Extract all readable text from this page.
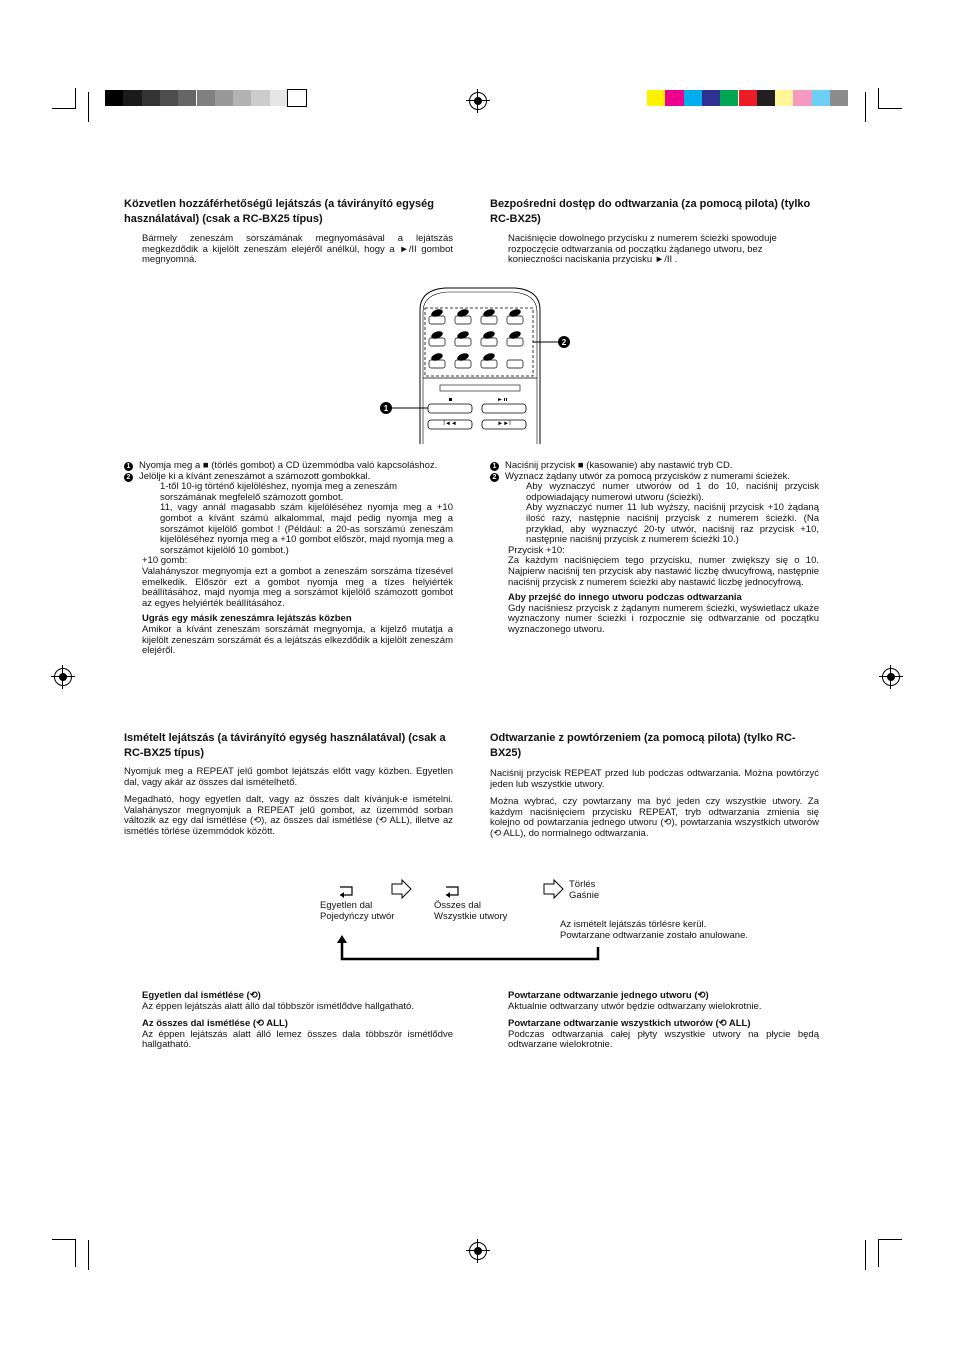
Közvetlen hozzáférhetőségű lejátszás (a távirányító egység használatával) (csak a RC-BX25 típus)
Bármely zeneszám sorszámának megnyomásával a lejátszás megkezdődik a kijelölt zeneszám elejéről anélkül, hogy a ►/II gombot megnyomná.
Bezpośredni dostęp do odtwarzania (za pomocą pilota) (tylko RC-BX25)
Naciśnięcie dowolnego przycisku z numerem ścieżki spowoduje rozpoczęcie odtwarzania od początku żądanego utworu, bez konieczności naciskania przycisku ►/II .
I◄◄	►►I
1
2

1 Nyomja meg a ■ (törlés gombot) a CD üzemmódba való kapcsoláshoz.

2 Jelölje ki a kívánt zeneszámot a számozott gombokkal.

1-től 10-ig történő kijelöléshez, nyomja meg a zeneszám sorszámának megfelelő számozott gombot.

11, vagy annál magasabb szám kijelöléséhez nyomja meg a +10 gombot a kívánt számú alkalommal, majd pedig nyomja meg a sorszámot kijelölő gombot ! (Például: a 20-as sorszámú zeneszám kijelöléséhez nyomja meg a +10 gombot először, majd nyomja meg a sorszámot kijelölő 10 gombot.)

+10 gomb:

Valahányszor megnyomja ezt a gombot a zeneszám sorszáma tízesével emelkedik. Először ezt a gombot nyomja meg a tízes helyiérték beállításához, majd nyomja meg a sorszámot kijelölő számozott gombot az egyes helyiérték beállításához.

Ugrás egy másik zeneszámra lejátszás közben

Amikor a kívánt zeneszám sorszámát megnyomja, a kijelző mutatja a kijelölt zeneszám sorszámát és a lejátszás elkezdődik a kijelölt zeneszám elejéről.

1 Naciśnij przycisk ■ (kasowanie) aby nastawić tryb CD.

2 Wyznacz żądany utwór za pomocą przycisków z numerami ścieżek.

Aby wyznaczyć numer utworów od 1 do 10, naciśnij przycisk odpowiadający numerowi utworu (ścieżki).

Aby wyznaczyć numer 11 lub wyższy, naciśnij przycisk +10 żądaną ilość razy, następnie naciśnij przycisk z numerem ścieżki. (Na przykład, aby wyznaczyć 20-ty utwór, naciśnij raz przycisk +10, następnie naciśnij przycisk z numerem ścieżki 10.)

Przycisk +10:

Za każdym naciśnięciem tego przycisku, numer zwiększy się o 10. Najpierw naciśnij ten przycisk aby nastawić liczbę dwucyfrową, następnie naciśnij przycisk z numerem ścieżki aby nastawić liczbę jednocyfrową.

Aby przejść do innego utworu podczas odtwarzania

Gdy naciśniesz przycisk z żądanym numerem ścieżki, wyświetlacz ukaże wyznaczony numer ścieżki i rozpocznie się odtwarzanie od początku wyznaczonego utworu.

Ismételt lejátszás (a távirányító egység használatával) (csak a RC-BX25 típus)

Nyomjuk meg a REPEAT jelű gombot lejátszás előtt vagy közben. Egyetlen dal, vagy akár az összes dal ismételhető.

Megadható, hogy egyetlen dalt, vagy az összes dalt kívánjuk-e ismételni. Valahányszor megnyomjuk a REPEAT jelű gombot, az üzemmód sorban változik az egy dal ismétlése (⟲), az összes dal ismétlése (⟲ ALL), illetve az ismétlés törlése üzemmódok között.

Odtwarzanie z powtórzeniem (za pomocą pilota) (tylko RC-BX25)

Naciśnij przycisk REPEAT przed lub podczas odtwarzania. Można powtórzyć jeden lub wszystkie utwory.

Można wybrać, czy powtarzany ma być jeden czy wszystkie utwory. Za każdym naciśnięciem przycisku REPEAT, tryb odtwarzania zmienia się kolejno od powtarzania jednego utworu (⟲), powtarzania wszystkich utworów (⟲ ALL), do normalnego odtwarzania.

Egyetlen dal
Pojedyńczy utwór
Összes dal
Wszystkie utwory
Törlés
Gaśnie
Az ismételt lejátszás törlésre kerül.
Powtarzane odtwarzanie zostało anulowane.

Egyetlen dal ismétlése (⟲)

Az éppen lejátszás alatt álló dal többször ismétlődve hallgatható.

Az összes dal ismétlése (⟲ ALL)

Az éppen lejátszás alatt álló lemez összes dala többször ismétlődve hallgatható.

Powtarzane odtwarzanie jednego utworu (⟲)

Aktualnie odtwarzany utwór będzie odtwarzany wielokrotnie.

Powtarzane odtwarzanie wszystkich utworów (⟲ ALL)

Podczas odtwarzania całej płyty wszystkie utwory na płycie będą odtwarzane wielokrotnie.
